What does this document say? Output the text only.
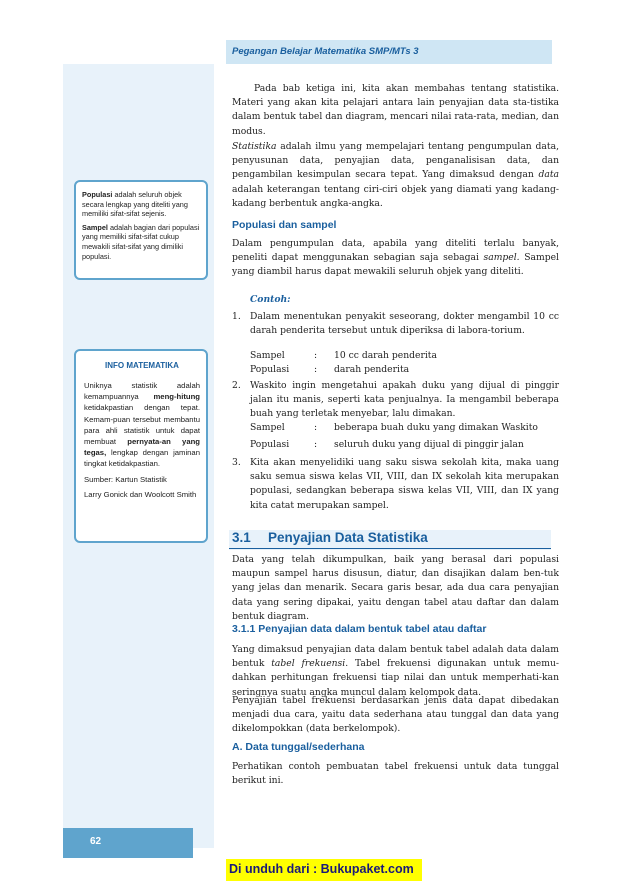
Pegangan Belajar Matematika SMP/MTs 3

Populasi adalah seluruh objek secara lengkap yang diteliti yang memiliki sifat-sifat sejenis.

Sampel adalah bagian dari populasi yang memiliki sifat-sifat cukup mewakili sifat-sifat yang dimiliki populasi.

INFO MATEMATIKA

Uniknya statistik adalah kemampuannya meng-hitung ketidakpastian dengan tepat. Kemam-puan tersebut membantu para ahli statistik untuk dapat membuat pernyata-an yang tegas, lengkap dengan jaminan tingkat ketidakpastian.

Sumber: Kartun Statistik

Larry Gonick dan Woolcott Smith

Pada bab ketiga ini, kita akan membahas tentang statistika. Materi yang akan kita pelajari antara lain penyajian data sta-tistika dalam bentuk tabel dan diagram, mencari nilai rata-rata, median, dan modus.

Statistika adalah ilmu yang mempelajari tentang pengumpulan data, penyusunan data, penyajian data, penganalisisan data, dan pengambilan kesimpulan secara tepat. Yang dimaksud dengan data adalah keterangan tentang ciri-ciri objek yang diamati yang kadang-kadang berbentuk angka-angka.

Populasi dan sampel

Dalam pengumpulan data, apabila yang diteliti terlalu banyak, peneliti dapat menggunakan sebagian saja sebagai sampel. Sampel yang diambil harus dapat mewakili seluruh objek yang diteliti.

Contoh:
1. Dalam menentukan penyakit seseorang, dokter mengambil 10 cc darah penderita tersebut untuk diperiksa di labora-torium.

Sampel	: 10 cc darah penderita
Populasi	: darah penderita
2. Waskito ingin mengetahui apakah duku yang dijual di pinggir jalan itu manis, seperti kata penjualnya. Ia mengambil beberapa buah yang terletak menyebar, lalu dimakan.

Sampel	: beberapa buah duku yang dimakan Waskito
Populasi	: seluruh duku yang dijual di pinggir jalan
3. Kita akan menyelidiki uang saku siswa sekolah kita, maka uang saku semua siswa kelas VII, VIII, dan IX sekolah kita merupakan populasi, sedangkan beberapa siswa kelas VII, VIII, dan IX yang kita catat merupakan sampel.

3.1 Penyajian Data Statistika

Data yang telah dikumpulkan, baik yang berasal dari populasi maupun sampel harus disusun, diatur, dan disajikan dalam ben-tuk yang jelas dan menarik. Secara garis besar, ada dua cara penyajian data yang sering dipakai, yaitu dengan tabel atau daftar dan dalam bentuk diagram.

3.1.1 Penyajian data dalam bentuk tabel atau daftar

Yang dimaksud penyajian data dalam bentuk tabel adalah data dalam bentuk tabel frekuensi. Tabel frekuensi digunakan untuk memu-dahkan perhitungan frekuensi tiap nilai dan untuk memperhati-kan seringnya suatu angka muncul dalam kelompok data.

Penyajian tabel frekuensi berdasarkan jenis data dapat dibedakan menjadi dua cara, yaitu data sederhana atau tunggal dan data yang dikelompokkan (data berkelompok).

A. Data tunggal/sederhana

Perhatikan contoh pembuatan tabel frekuensi untuk data tunggal berikut ini.

62
Di unduh dari : Bukupaket.com
